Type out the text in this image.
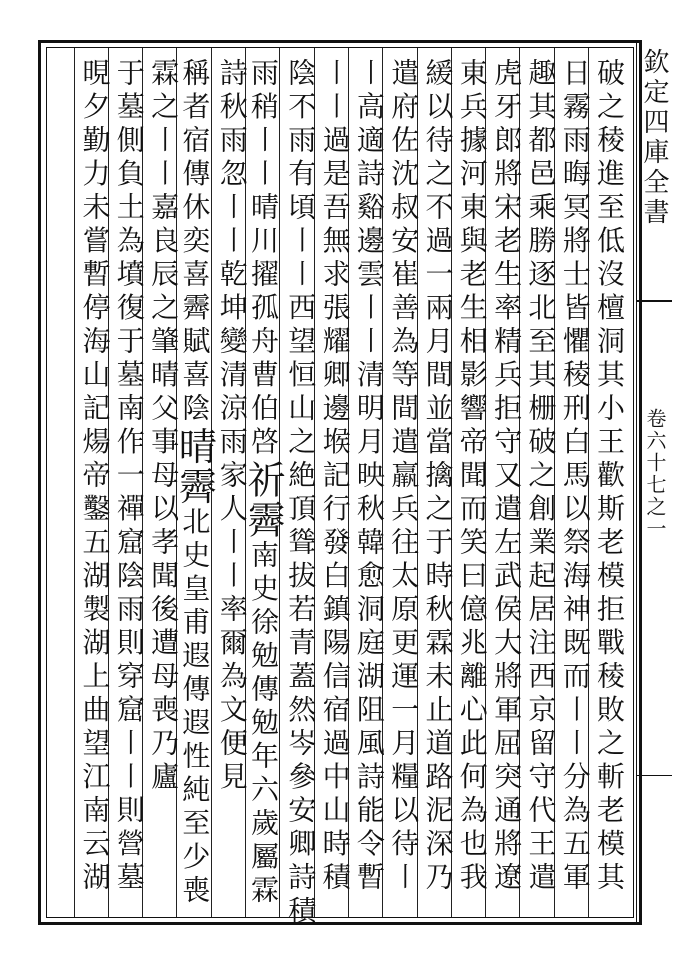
欽定四庫全書
卷六十七之一
破之稜進至低沒檀洞其小王歡斯老模拒戰稜敗之斬老模其
日霧雨晦冥將士皆懼稜刑白馬以祭海神既而〡〡分為五軍
趣其都邑乘勝逐北至其栅破之創業起居注西京留守代王遣
虎牙郎將宋老生率精兵拒守又遣左武侯大將軍屈突通將遼
東兵據河東與老生相影響帝聞而笑曰億兆離心此何為也我
緩以待之不過一兩月間並當擒之于時秋霖未止道路泥深乃
遣府佐沈叔安崔善為等間遣羸兵往太原更運一月糧以待〡
〡高適詩谿邊雲〡〡清明月映秋韓愈洞庭湖阻風詩能令暫
〡〡過是吾無求張耀卿邊堠記行發白鎮陽信宿過中山時積
陰不雨有頃〡〡西望恒山之絶頂聳拔若青蓋然岑參安卿詩積
雨稍〡〡晴川擢孤舟曹伯啓祈霽南史徐勉傳勉年六歲屬霖
詩秋雨忽〡〡乾坤變清涼雨家人〡〡率爾為文便見
稱者宿傳休奕喜霽賦喜陰晴霽北史皇甫遐傳遐性純至少喪
霖之〡〡嘉良辰之肇晴父事母以孝聞後遭母喪乃廬
于墓側負土為墳復于墓南作一禪窟陰雨則穿窟〡〡則營墓
晛夕勤力未嘗暫停海山記煬帝鑿五湖製湖上曲望江南云湖
